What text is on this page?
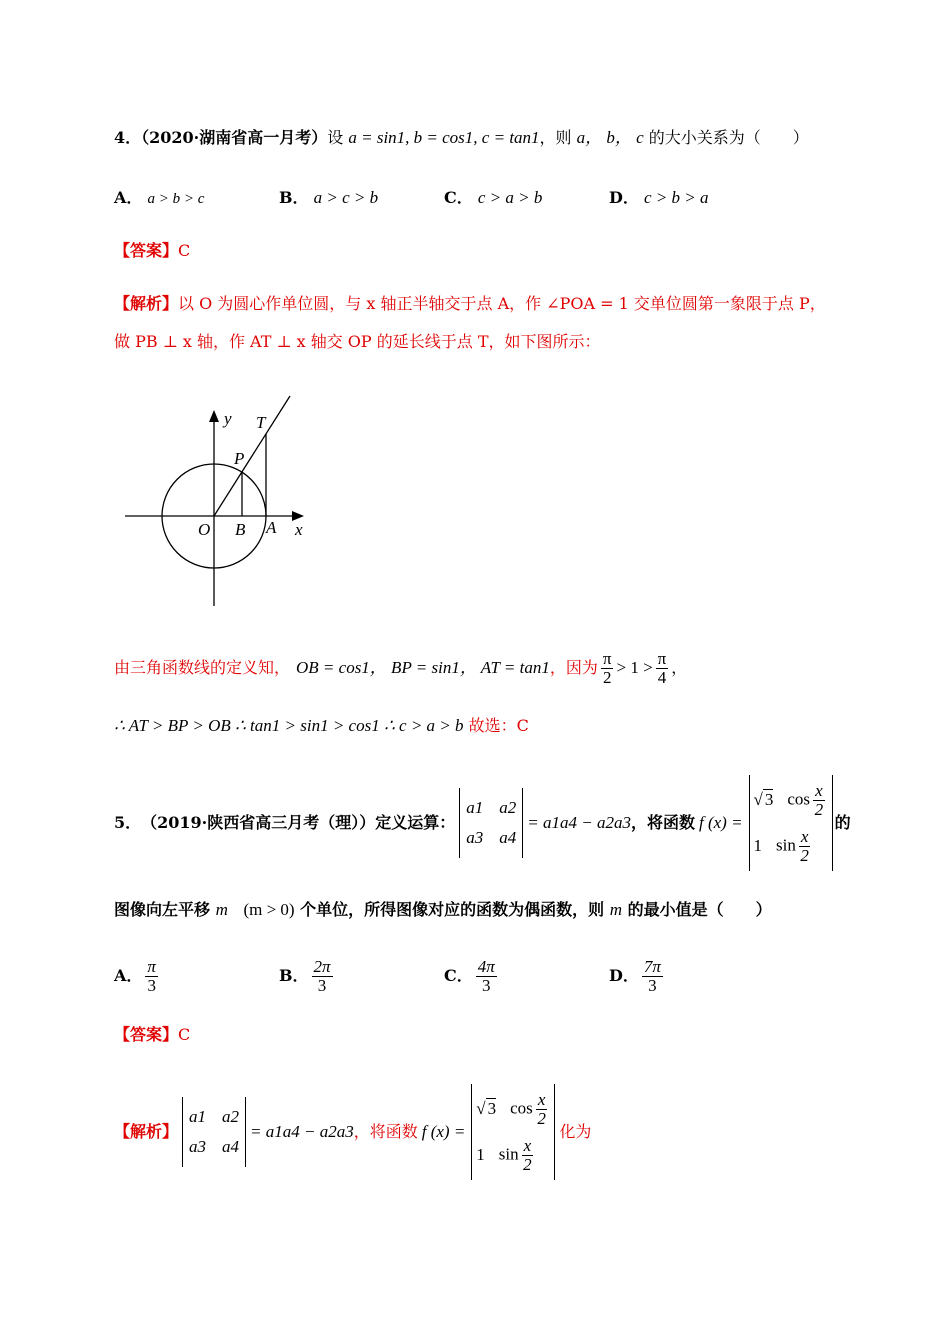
4．（2020·湖南省高一月考）设 a = sin1, b = cos1, c = tan1，则 a， b， c 的大小关系为（　　）
A． a > b > c	B． a > c > b	C． c > a > b	D． c > b > a
【答案】C
【解析】以 O 为圆心作单位圆，与 x 轴正半轴交于点 A，作 ∠POA = 1 交单位圆第一象限于点 P，
做 PB ⊥ x 轴，作 AT ⊥ x 轴交 OP 的延长线于点 T，如下图所示：
y T
P
O B A x
由三角函数线的定义知， OB = cos1， BP = sin1， AT = tan1 ，因为 $\frac{\pi}{2} > 1 > \frac{\pi}{4}$ ，
∴ AT > BP > OB ∴ tan1 > sin1 > cos1 ∴ c > a > b 故选：C
5． （2019·陕西省高三月考（理）） 定义运算：
a1 a2
a3 a4
= a1a4 − a2a3 ，将函数 f (x) =
√ 3 $\cos \frac{x}{2}$
1 $\sin \frac{x}{2}$
的
图像向左平移 m (m > 0) 个单位，所得图像对应的函数为偶函数，则 m 的最小值是（　　）
A． $\frac{\pi}{3}$	B． $\frac{2\pi}{3}$	C． $\frac{4\pi}{3}$	D． $\frac{7\pi}{3}$
【答案】C
【解析】
a1 a2
a3 a4
= a1a4 − a2a3 ，将函数 f (x) =
√ 3 $\cos \frac{x}{2}$
1 $\sin \frac{x}{2}$
化为
